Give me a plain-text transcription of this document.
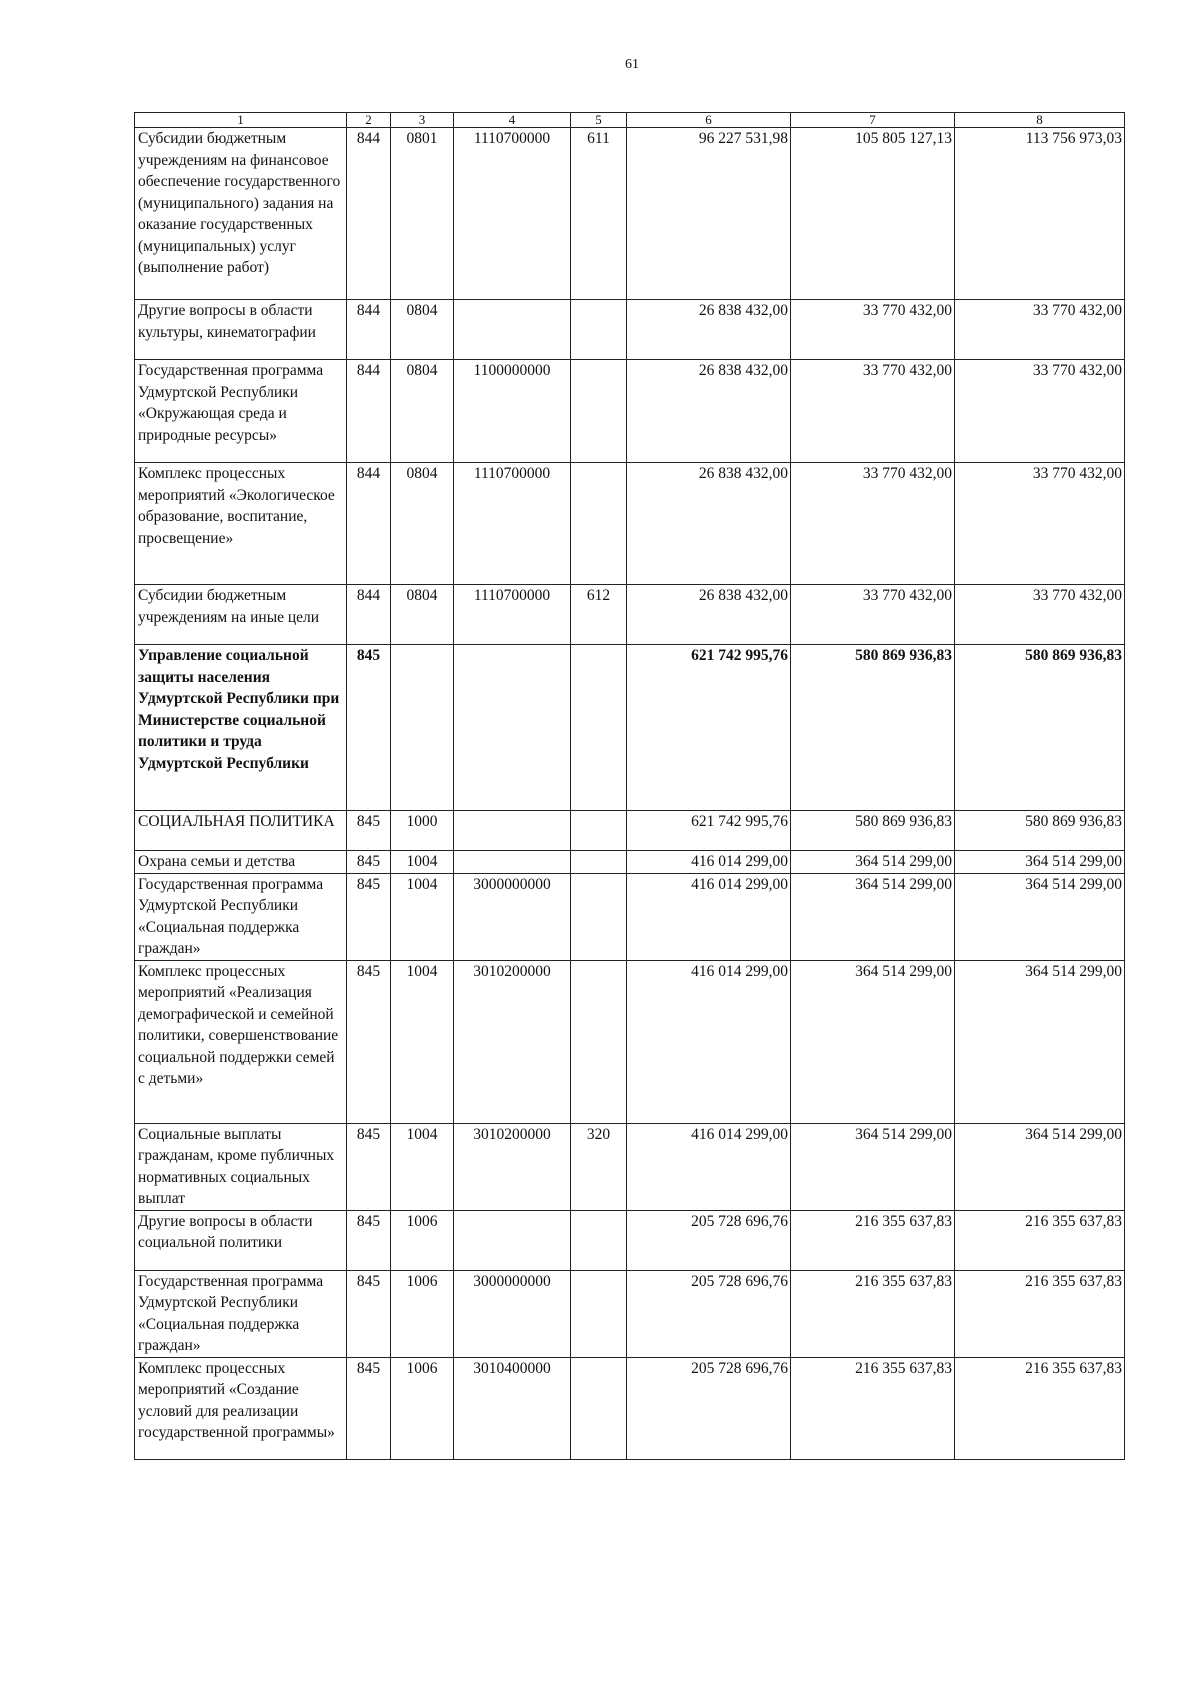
61
1	2	3	4	5	6	7	8
Субсидии бюджетным учреждениям на финансовое обеспечение государственного (муниципального) задания на оказание государственных (муниципальных) услуг (выполнение работ)	844	0801	1110700000	611	96 227 531,98	105 805 127,13	113 756 973,03
Другие вопросы в области культуры, кинематографии	844	0804			26 838 432,00	33 770 432,00	33 770 432,00
Государственная программа Удмуртской Республики «Окружающая среда и природные ресурсы»	844	0804	1100000000		26 838 432,00	33 770 432,00	33 770 432,00
Комплекс процессных мероприятий «Экологическое образование, воспитание, просвещение»	844	0804	1110700000		26 838 432,00	33 770 432,00	33 770 432,00
Субсидии бюджетным учреждениям на иные цели	844	0804	1110700000	612	26 838 432,00	33 770 432,00	33 770 432,00
Управление социальной защиты населения Удмуртской Республики при Министерстве социальной политики и труда Удмуртской Республики	845				621 742 995,76	580 869 936,83	580 869 936,83
СОЦИАЛЬНАЯ ПОЛИТИКА	845	1000			621 742 995,76	580 869 936,83	580 869 936,83
Охрана семьи и детства	845	1004			416 014 299,00	364 514 299,00	364 514 299,00
Государственная программа Удмуртской Республики «Социальная поддержка граждан»	845	1004	3000000000		416 014 299,00	364 514 299,00	364 514 299,00
Комплекс процессных мероприятий «Реализация демографической и семейной политики, совершенствование социальной поддержки семей с детьми»	845	1004	3010200000		416 014 299,00	364 514 299,00	364 514 299,00
Социальные выплаты гражданам, кроме публичных нормативных социальных выплат	845	1004	3010200000	320	416 014 299,00	364 514 299,00	364 514 299,00
Другие вопросы в области социальной политики	845	1006			205 728 696,76	216 355 637,83	216 355 637,83
Государственная программа Удмуртской Республики «Социальная поддержка граждан»	845	1006	3000000000		205 728 696,76	216 355 637,83	216 355 637,83
Комплекс процессных мероприятий «Создание условий для реализации государственной программы»	845	1006	3010400000		205 728 696,76	216 355 637,83	216 355 637,83
